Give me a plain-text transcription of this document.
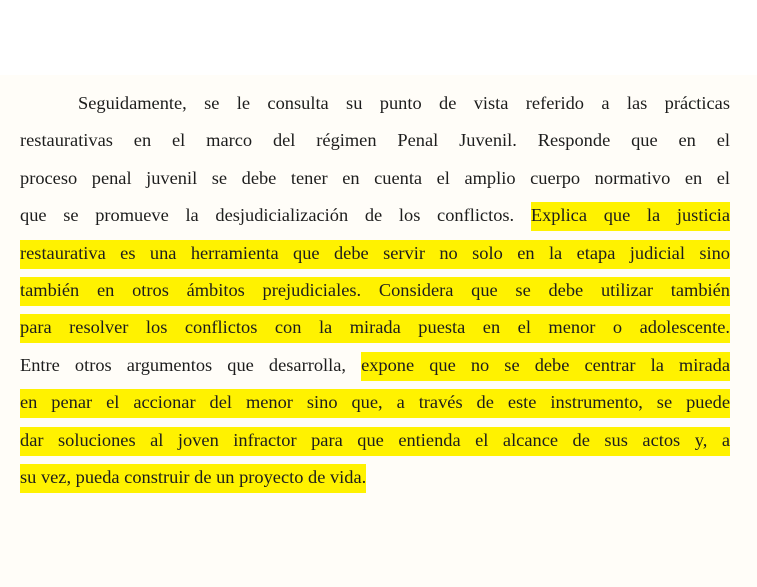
Seguidamente, se le consulta su punto de vista referido a las prácticas
restaurativas en el marco del régimen Penal Juvenil. Responde que en el
proceso penal juvenil se debe tener en cuenta el amplio cuerpo normativo en el
que se promueve la desjudicialización de los conflictos. Explica que la justicia
restaurativa es una herramienta que debe servir no solo en la etapa judicial sino
también en otros ámbitos prejudiciales. Considera que se debe utilizar también
para resolver los conflictos con la mirada puesta en el menor o adolescente.
Entre otros argumentos que desarrolla, expone que no se debe centrar la mirada
en penar el accionar del menor sino que, a través de este instrumento, se puede
dar soluciones al joven infractor para que entienda el alcance de sus actos y, a
su vez, pueda construir de un proyecto de vida.
